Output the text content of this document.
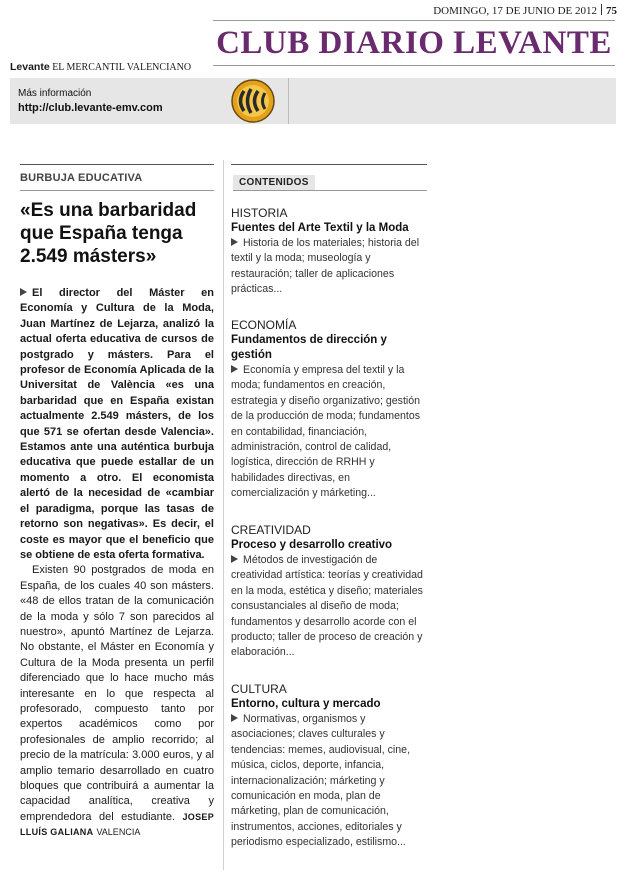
DOMINGO, 17 DE JUNIO DE 2012 75
CLUB DIARIO LEVANTE
Levante EL MERCANTIL VALENCIANO
Más información
http://club.levante-emv.com
BURBUJA EDUCATIVA
«Es una barbaridad que España tenga 2.549 másters»

El director del Máster en Economía y Cultura de la Moda, Juan Martínez de Lejarza, analizó la actual oferta educativa de cursos de postgrado y másters. Para el profesor de Economía Aplicada de la Universitat de València «es una barbaridad que en España existan actualmente 2.549 másters, de los que 571 se ofertan desde Valencia». Estamos ante una auténtica burbuja educativa que puede estallar de un momento a otro. El economista alertó de la necesidad de «cambiar el paradigma, porque las tasas de retorno son negativas». Es decir, el coste es mayor que el beneficio que se obtiene de esta oferta formativa.

Existen 90 postgrados de moda en España, de los cuales 40 son másters. «48 de ellos tratan de la comunicación de la moda y sólo 7 son parecidos al nuestro», apuntó Martínez de Lejarza. No obstante, el Máster en Economía y Cultura de la Moda presenta un perfil diferenciado que lo hace mucho más interesante en lo que respecta al profesorado, compuesto tanto por expertos académicos como por profesionales de amplio recorrido; al precio de la matrícula: 3.000 euros, y al amplio temario desarrollado en cuatro bloques que contribuirá a aumentar la capacidad analítica, creativa y emprendedora del estudiante. JOSEP LLUÍS GALIANA VALENCIA

CONTENIDOS
HISTORIA
Fuentes del Arte Textil y la Moda
Historia de los materiales; historia del textil y la moda; museología y restauración; taller de aplicaciones prácticas...
ECONOMÍA
Fundamentos de dirección y gestión
Economía y empresa del textil y la moda; fundamentos en creación, estrategia y diseño organizativo; gestión de la producción de moda; fundamentos en contabilidad, financiación, administración, control de calidad, logística, dirección de RRHH y habilidades directivas, en comercialización y márketing...
CREATIVIDAD
Proceso y desarrollo creativo
Métodos de investigación de creatividad artística: teorías y creatividad en la moda, estética y diseño; materiales consustanciales al diseño de moda; fundamentos y desarrollo acorde con el producto; taller de proceso de creación y elaboración...
CULTURA
Entorno, cultura y mercado
Normativas, organismos y asociaciones; claves culturales y tendencias: memes, audiovisual, cine, música, ciclos, deporte, infancia, internacionalización; márketing y comunicación en moda, plan de márketing, plan de comunicación, instrumentos, acciones, editoriales y periodismo especializado, estilismo...
